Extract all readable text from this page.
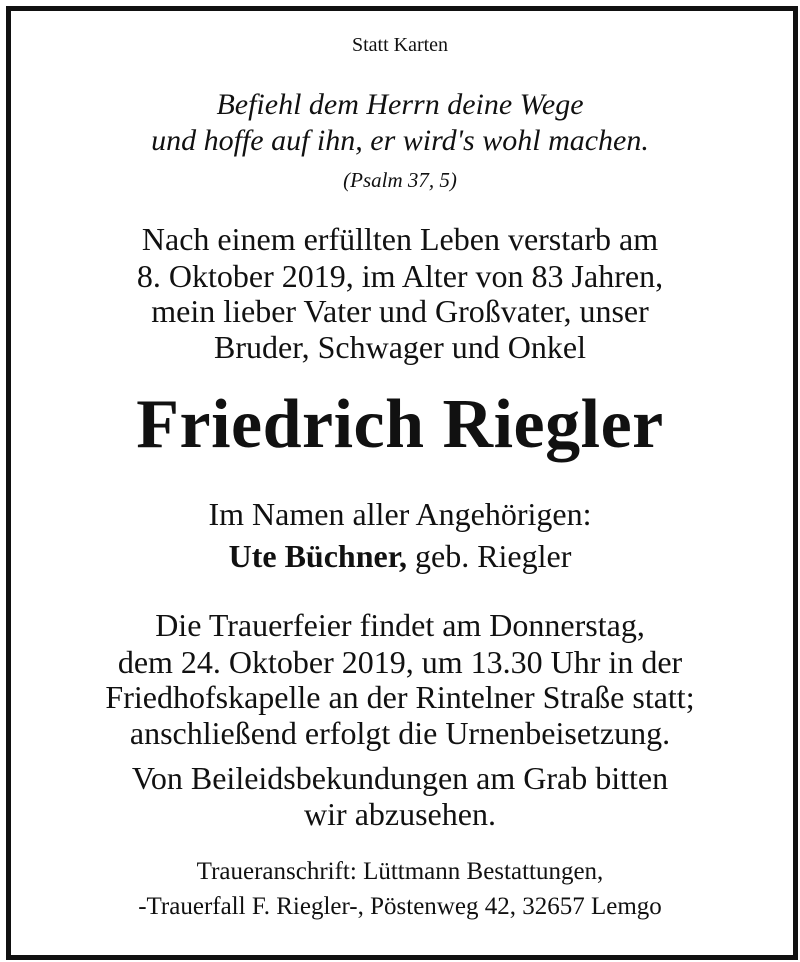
Statt Karten
Befiehl dem Herrn deine Wege
und hoffe auf ihn, er wird's wohl machen.
(Psalm 37, 5)
Nach einem erfüllten Leben verstarb am
8. Oktober 2019, im Alter von 83 Jahren,
mein lieber Vater und Großvater, unser
Bruder, Schwager und Onkel
Friedrich Riegler
Im Namen aller Angehörigen:
Ute Büchner, geb. Riegler
Die Trauerfeier findet am Donnerstag,
dem 24. Oktober 2019, um 13.30 Uhr in der
Friedhofskapelle an der Rintelner Straße statt;
anschließend erfolgt die Urnenbeisetzung.
Von Beileidsbekundungen am Grab bitten
wir abzusehen.
Traueranschrift: Lüttmann Bestattungen,
-Trauerfall F. Riegler-, Pöstenweg 42, 32657 Lemgo
